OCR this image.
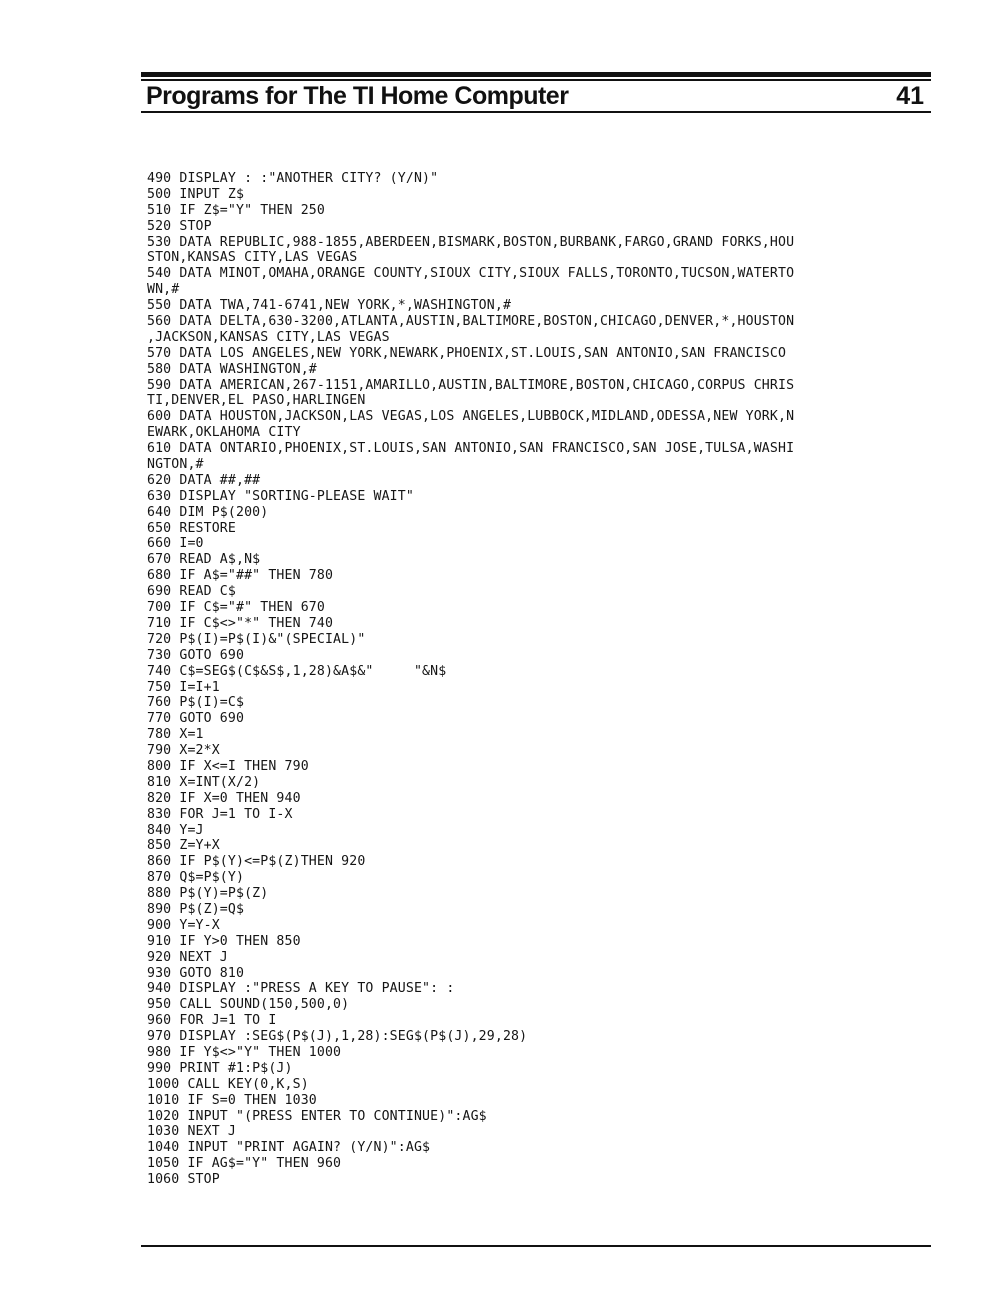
Programs for The TI Home Computer	41
490 DISPLAY : :"ANOTHER CITY? (Y/N)"
500 INPUT Z$
510 IF Z$="Y" THEN 250
520 STOP
530 DATA REPUBLIC,988-1855,ABERDEEN,BISMARK,BOSTON,BURBANK,FARGO,GRAND FORKS,HOU
STON,KANSAS CITY,LAS VEGAS
540 DATA MINOT,OMAHA,ORANGE COUNTY,SIOUX CITY,SIOUX FALLS,TORONTO,TUCSON,WATERTO
WN,#
550 DATA TWA,741-6741,NEW YORK,*,WASHINGTON,#
560 DATA DELTA,630-3200,ATLANTA,AUSTIN,BALTIMORE,BOSTON,CHICAGO,DENVER,*,HOUSTON
,JACKSON,KANSAS CITY,LAS VEGAS
570 DATA LOS ANGELES,NEW YORK,NEWARK,PHOENIX,ST.LOUIS,SAN ANTONIO,SAN FRANCISCO
580 DATA WASHINGTON,#
590 DATA AMERICAN,267-1151,AMARILLO,AUSTIN,BALTIMORE,BOSTON,CHICAGO,CORPUS CHRIS
TI,DENVER,EL PASO,HARLINGEN
600 DATA HOUSTON,JACKSON,LAS VEGAS,LOS ANGELES,LUBBOCK,MIDLAND,ODESSA,NEW YORK,N
EWARK,OKLAHOMA CITY
610 DATA ONTARIO,PHOENIX,ST.LOUIS,SAN ANTONIO,SAN FRANCISCO,SAN JOSE,TULSA,WASHI
NGTON,#
620 DATA ##,##
630 DISPLAY "SORTING-PLEASE WAIT"
640 DIM P$(200)
650 RESTORE
660 I=0
670 READ A$,N$
680 IF A$="##" THEN 780
690 READ C$
700 IF C$="#" THEN 670
710 IF C$<>"*" THEN 740
720 P$(I)=P$(I)&"(SPECIAL)"
730 GOTO 690
740 C$=SEG$(C$&S$,1,28)&A$&"     "&N$
750 I=I+1
760 P$(I)=C$
770 GOTO 690
780 X=1
790 X=2*X
800 IF X<=I THEN 790
810 X=INT(X/2)
820 IF X=0 THEN 940
830 FOR J=1 TO I-X
840 Y=J
850 Z=Y+X
860 IF P$(Y)<=P$(Z)THEN 920
870 Q$=P$(Y)
880 P$(Y)=P$(Z)
890 P$(Z)=Q$
900 Y=Y-X
910 IF Y>0 THEN 850
920 NEXT J
930 GOTO 810
940 DISPLAY :"PRESS A KEY TO PAUSE": :
950 CALL SOUND(150,500,0)
960 FOR J=1 TO I
970 DISPLAY :SEG$(P$(J),1,28):SEG$(P$(J),29,28)
980 IF Y$<>"Y" THEN 1000
990 PRINT #1:P$(J)
1000 CALL KEY(0,K,S)
1010 IF S=0 THEN 1030
1020 INPUT "(PRESS ENTER TO CONTINUE)":AG$
1030 NEXT J
1040 INPUT "PRINT AGAIN? (Y/N)":AG$
1050 IF AG$="Y" THEN 960
1060 STOP
